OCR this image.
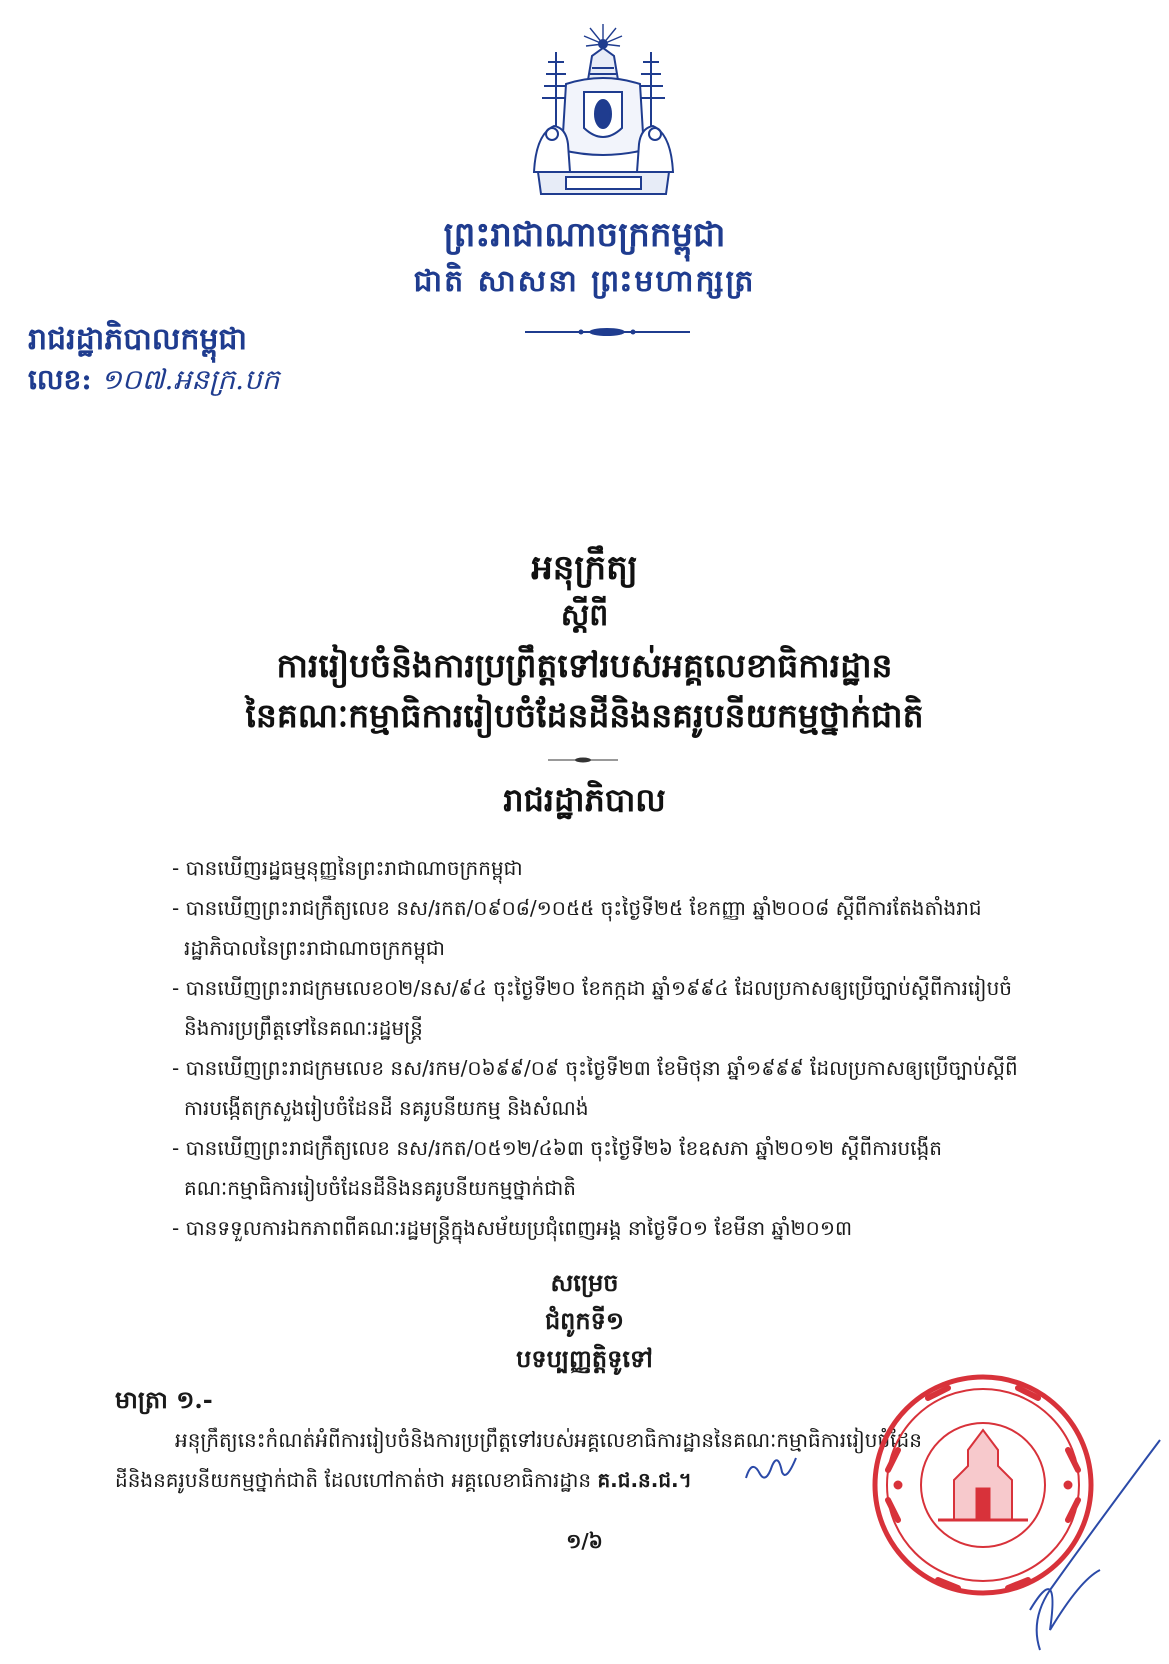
ព្រះរាជាណាចក្រកម្ពុជា
ជាតិ សាសនា ព្រះមហាក្សត្រ
រាជរដ្ឋាភិបាលកម្ពុជា
លេខ: ១០៧.អនក្រ.បក
អនុក្រឹត្យ
ស្តីពី
ការរៀបចំនិងការប្រព្រឹត្តទៅរបស់អគ្គលេខាធិការដ្ឋាន
នៃគណៈកម្មាធិការរៀបចំដែនដីនិងនគរូបនីយកម្មថ្នាក់ជាតិ
រាជរដ្ឋាភិបាល
- បានឃើញរដ្ឋធម្មនុញ្ញនៃព្រះរាជាណាចក្រកម្ពុជា
- បានឃើញព្រះរាជក្រឹត្យលេខ នស/រកត/០៩០៨/១០៥៥ ចុះថ្ងៃទី២៥ ខែកញ្ញា ឆ្នាំ២០០៨ ស្តីពីការតែងតាំងរាជរដ្ឋាភិបាលនៃព្រះរាជាណាចក្រកម្ពុជា
- បានឃើញព្រះរាជក្រមលេខ០២/នស/៩៤ ចុះថ្ងៃទី២០ ខែកក្កដា ឆ្នាំ១៩៩៤ ដែលប្រកាសឲ្យប្រើច្បាប់ស្តីពីការរៀបចំនិងការប្រព្រឹត្តទៅនៃគណៈរដ្ឋមន្ត្រី
- បានឃើញព្រះរាជក្រមលេខ នស/រកម/០៦៩៩/០៩ ចុះថ្ងៃទី២៣ ខែមិថុនា ឆ្នាំ១៩៩៩ ដែលប្រកាសឲ្យប្រើច្បាប់ស្តីពីការបង្កើតក្រសួងរៀបចំដែនដី នគរូបនីយកម្ម និងសំណង់
- បានឃើញព្រះរាជក្រឹត្យលេខ នស/រកត/០៥១២/៤៦៣ ចុះថ្ងៃទី២៦ ខែឧសភា ឆ្នាំ២០១២ ស្តីពីការបង្កើតគណៈកម្មាធិការរៀបចំដែនដីនិងនគរូបនីយកម្មថ្នាក់ជាតិ
- បានទទួលការឯកភាពពីគណៈរដ្ឋមន្ត្រីក្នុងសម័យប្រជុំពេញអង្គ នាថ្ងៃទី០១ ខែមីនា ឆ្នាំ២០១៣
សម្រេច
ជំពូកទី១
បទប្បញ្ញត្តិទូទៅ
មាត្រា ១.-
អនុក្រឹត្យនេះកំណត់អំពីការរៀបចំនិងការប្រព្រឹត្តទៅរបស់អគ្គលេខាធិការដ្ឋាននៃគណៈកម្មាធិការរៀបចំដែន
ដីនិងនគរូបនីយកម្មថ្នាក់ជាតិ ដែលហៅកាត់ថា អគ្គលេខាធិការដ្ឋាន គ.ជ.ន.ជ.។
១/៦
